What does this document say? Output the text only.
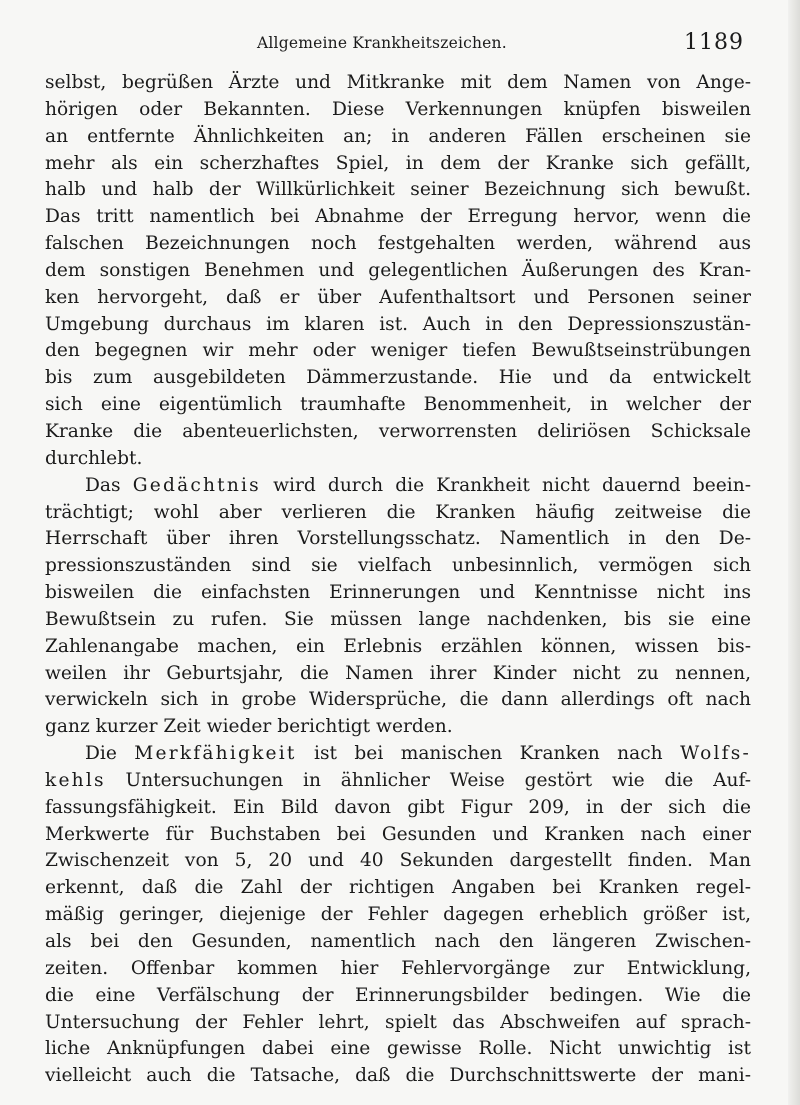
Allgemeine Krankheitszeichen.	1189
selbst, begrüßen Ärzte und Mitkranke mit dem Namen von Ange-
hörigen oder Bekannten. Diese Verkennungen knüpfen bisweilen
an entfernte Ähnlichkeiten an; in anderen Fällen erscheinen sie
mehr als ein scherzhaftes Spiel, in dem der Kranke sich gefällt,
halb und halb der Willkürlichkeit seiner Bezeichnung sich bewußt.
Das tritt namentlich bei Abnahme der Erregung hervor, wenn die
falschen Bezeichnungen noch festgehalten werden, während aus
dem sonstigen Benehmen und gelegentlichen Äußerungen des Kran-
ken hervorgeht, daß er über Aufenthaltsort und Personen seiner
Umgebung durchaus im klaren ist. Auch in den Depressionszustän-
den begegnen wir mehr oder weniger tiefen Bewußtseinstrübungen
bis zum ausgebildeten Dämmerzustande. Hie und da entwickelt
sich eine eigentümlich traumhafte Benommenheit, in welcher der
Kranke die abenteuerlichsten, verworrensten deliriösen Schicksale
durchlebt.
Das Gedächtnis wird durch die Krankheit nicht dauernd beein-
trächtigt; wohl aber verlieren die Kranken häufig zeitweise die
Herrschaft über ihren Vorstellungsschatz. Namentlich in den De-
pressionszuständen sind sie vielfach unbesinnlich, vermögen sich
bisweilen die einfachsten Erinnerungen und Kenntnisse nicht ins
Bewußtsein zu rufen. Sie müssen lange nachdenken, bis sie eine
Zahlenangabe machen, ein Erlebnis erzählen können, wissen bis-
weilen ihr Geburtsjahr, die Namen ihrer Kinder nicht zu nennen,
verwickeln sich in grobe Widersprüche, die dann allerdings oft nach
ganz kurzer Zeit wieder berichtigt werden.
Die Merkfähigkeit ist bei manischen Kranken nach Wolfs-
kehls Untersuchungen in ähnlicher Weise gestört wie die Auf-
fassungsfähigkeit. Ein Bild davon gibt Figur 209, in der sich die
Merkwerte für Buchstaben bei Gesunden und Kranken nach einer
Zwischenzeit von 5, 20 und 40 Sekunden dargestellt finden. Man
erkennt, daß die Zahl der richtigen Angaben bei Kranken regel-
mäßig geringer, diejenige der Fehler dagegen erheblich größer ist,
als bei den Gesunden, namentlich nach den längeren Zwischen-
zeiten. Offenbar kommen hier Fehlervorgänge zur Entwicklung,
die eine Verfälschung der Erinnerungsbilder bedingen. Wie die
Untersuchung der Fehler lehrt, spielt das Abschweifen auf sprach-
liche Anknüpfungen dabei eine gewisse Rolle. Nicht unwichtig ist
vielleicht auch die Tatsache, daß die Durchschnittswerte der mani-
